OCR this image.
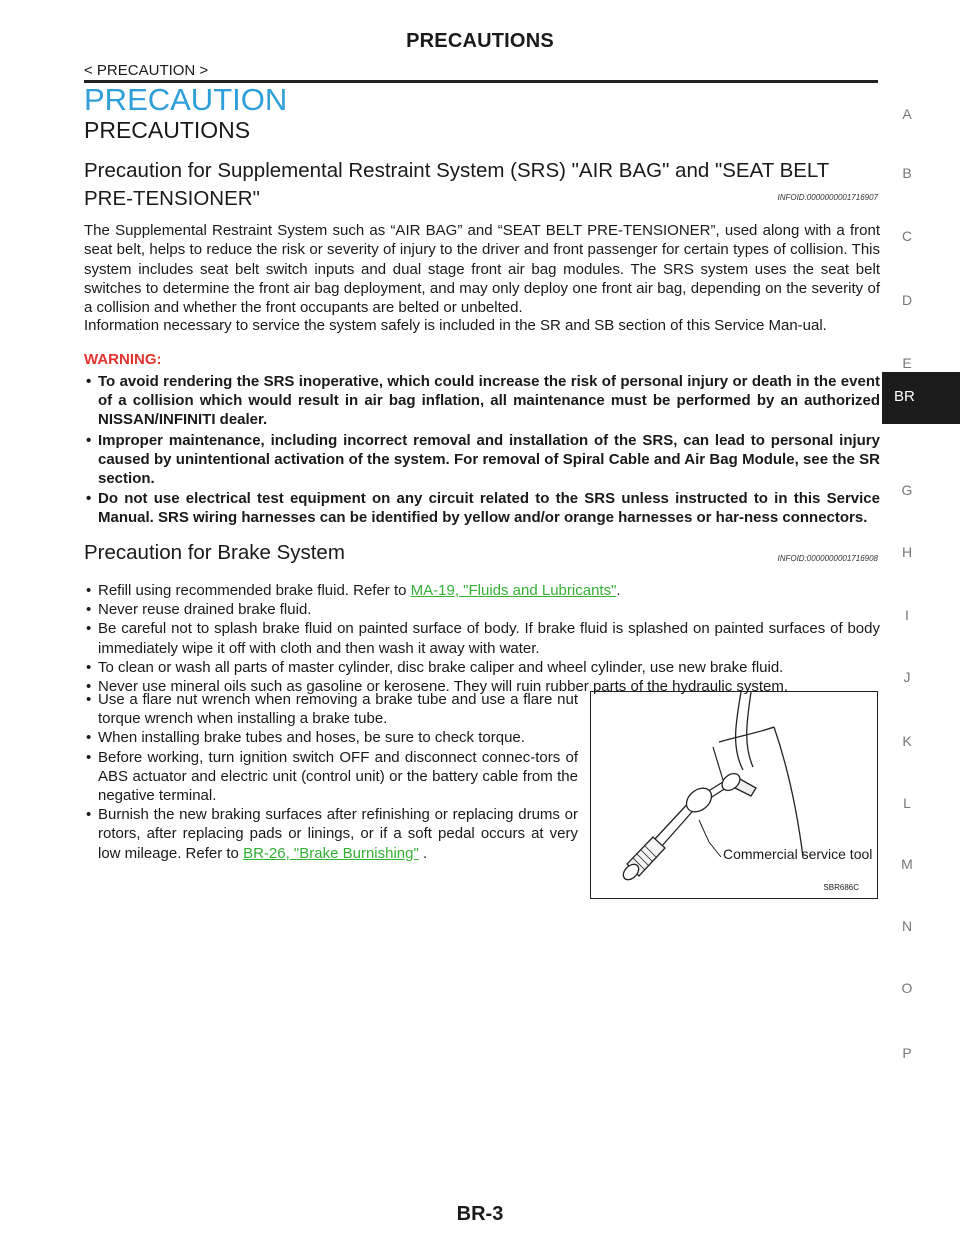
PRECAUTIONS
< PRECAUTION >
PRECAUTION
PRECAUTIONS
Precaution for Supplemental Restraint System (SRS) "AIR BAG" and "SEAT BELT
PRE-TENSIONER"	INFOID:0000000001716907
The Supplemental Restraint System such as “AIR BAG” and “SEAT BELT PRE-TENSIONER”, used along with a front seat belt, helps to reduce the risk or severity of injury to the driver and front passenger for certain types of collision. This system includes seat belt switch inputs and dual stage front air bag modules. The SRS system uses the seat belt switches to determine the front air bag deployment, and may only deploy one front air bag, depending on the severity of a collision and whether the front occupants are belted or unbelted.
Information necessary to service the system safely is included in the SR and SB section of this Service Man-ual.
WARNING:
• To avoid rendering the SRS inoperative, which could increase the risk of personal injury or death in the event of a collision which would result in air bag inflation, all maintenance must be performed by an authorized NISSAN/INFINITI dealer.
• Improper maintenance, including incorrect removal and installation of the SRS, can lead to personal injury caused by unintentional activation of the system. For removal of Spiral Cable and Air Bag Module, see the SR section.
• Do not use electrical test equipment on any circuit related to the SRS unless instructed to in this Service Manual. SRS wiring harnesses can be identified by yellow and/or orange harnesses or har-ness connectors.
Precaution for Brake System	INFOID:0000000001716908
• Refill using recommended brake fluid. Refer to MA-19, "Fluids and Lubricants".
• Never reuse drained brake fluid.
• Be careful not to splash brake fluid on painted surface of body. If brake fluid is splashed on painted surfaces of body immediately wipe it off with cloth and then wash it away with water.
• To clean or wash all parts of master cylinder, disc brake caliper and wheel cylinder, use new brake fluid.
• Never use mineral oils such as gasoline or kerosene. They will ruin rubber parts of the hydraulic system.
• Use a flare nut wrench when removing a brake tube and use a flare nut torque wrench when installing a brake tube.
• When installing brake tubes and hoses, be sure to check torque.
• Before working, turn ignition switch OFF and disconnect connec-tors of ABS actuator and electric unit (control unit) or the battery cable from the negative terminal.
• Burnish the new braking surfaces after refinishing or replacing drums or rotors, after replacing pads or linings, or if a soft pedal occurs at very low mileage. Refer to BR-26, "Brake Burnishing" .	Commercial service tool
SBR686C
A
B
C
D
E
G
H
I
J
K
L
M
N
O
P
BR
BR-3
